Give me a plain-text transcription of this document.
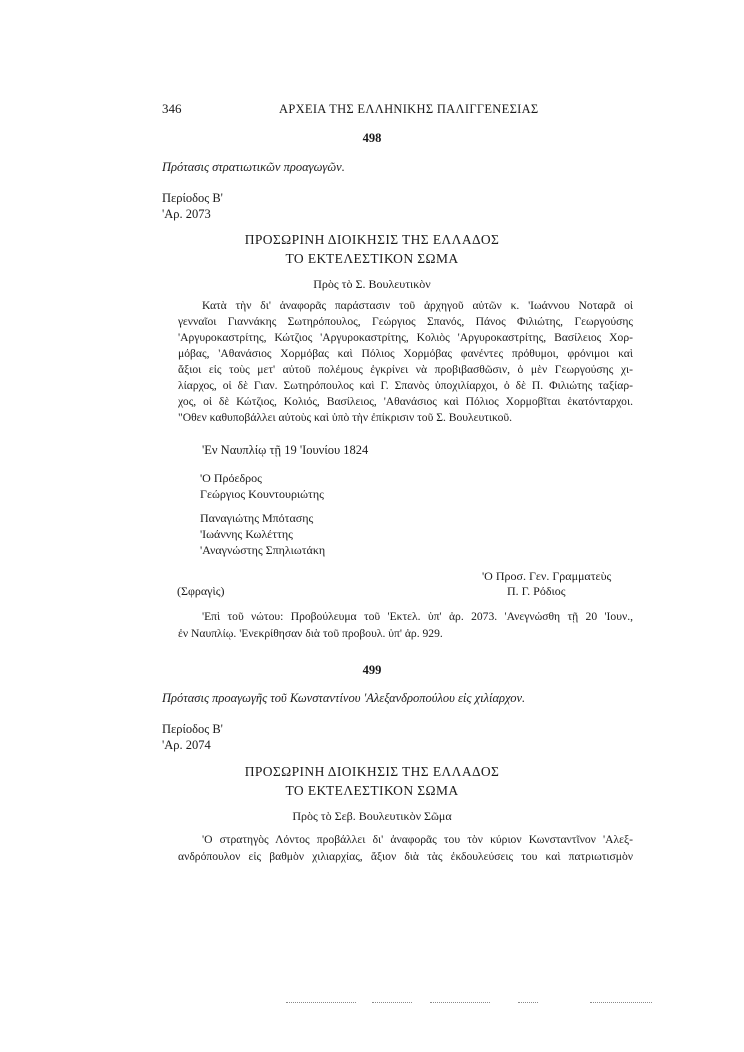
346	ΑΡΧΕΙΑ ΤΗΣ ΕΛΛΗΝΙΚΗΣ ΠΑΛΙΓΓΕΝΕΣΙΑΣ
498
Πρότασις στρατιωτικῶν προαγωγῶν.
Περίοδος Β'
'Αρ. 2073
ΠΡΟΣΩΡΙΝΗ ΔΙΟΙΚΗΣΙΣ ΤΗΣ ΕΛΛΑΔΟΣ
ΤΟ ΕΚΤΕΛΕΣΤΙΚΟΝ ΣΩΜΑ
Πρὸς τὸ Σ. Βουλευτικὸν
Κατὰ τὴν δι' ἀναφορᾶς παράστασιν τοῦ ἀρχηγοῦ αὐτῶν κ. 'Ιωάννου Νοταρᾶ οἱ
γενναῖοι Γιαννάκης Σωτηρόπουλος, Γεώργιος Σπανός, Πάνος Φιλιώτης, Γεωργούσης
'Αργυροκαστρίτης, Κώτζιος 'Αργυροκαστρίτης, Κολιὸς 'Αργυροκαστρίτης, Βασίλειος Χορ-
μόβας, 'Αθανάσιος Χορμόβας καὶ Πόλιος Χορμόβας φανέντες πρόθυμοι, φρόνιμοι καὶ
ἄξιοι εἰς τοὺς μετ' αὐτοῦ πολέμους ἐγκρίνει νὰ προβιβασθῶσιν, ὁ μὲν Γεωργούσης χι-
λίαρχος, οἱ δὲ Γιαν. Σωτηρόπουλος καὶ Γ. Σπανὸς ὑποχιλίαρχοι, ὁ δὲ Π. Φιλιώτης ταξίαρ-
χος, οἱ δὲ Κώτζιος, Κολιός, Βασίλειος, 'Αθανάσιος καὶ Πόλιος Χορμοβῖται ἑκατόνταρχοι.
"Οθεν καθυποβάλλει αὐτοὺς καὶ ὑπὸ τὴν ἐπίκρισιν τοῦ Σ. Βουλευτικοῦ.
'Εν Ναυπλίῳ τῇ 19 'Ιουνίου 1824
'Ο Πρόεδρος
Γεώργιος Κουντουριώτης
Παναγιώτης Μπότασης
'Ιωάννης Κωλέττης
'Αναγνώστης Σπηλιωτάκη
'Ο Προσ. Γεν. Γραμματεὺς
(Σφραγὶς)	Π. Γ. Ρόδιος
'Επὶ τοῦ νώτου: Προβούλευμα τοῦ 'Εκτελ. ὑπ' ἀρ. 2073. 'Ανεγνώσθη τῇ 20 'Ιουν.,
ἐν Ναυπλίῳ. 'Ενεκρίθησαν διὰ τοῦ προβουλ. ὑπ' ἀρ. 929.
499
Πρότασις προαγωγῆς τοῦ Κωνσταντίνου 'Αλεξανδροπούλου εἰς χιλίαρχον.
Περίοδος Β'
'Αρ. 2074
ΠΡΟΣΩΡΙΝΗ ΔΙΟΙΚΗΣΙΣ ΤΗΣ ΕΛΛΑΔΟΣ
ΤΟ ΕΚΤΕΛΕΣΤΙΚΟΝ ΣΩΜΑ
Πρὸς τὸ Σεβ. Βουλευτικὸν Σῶμα
'Ο στρατηγὸς Λόντος προβάλλει δι' ἀναφορᾶς του τὸν κύριον Κωνσταντῖνον 'Αλεξ-
ανδρόπουλον εἰς βαθμὸν χιλιαρχίας, ἄξιον διὰ τὰς ἐκδουλεύσεις του καὶ πατριωτισμὸν
